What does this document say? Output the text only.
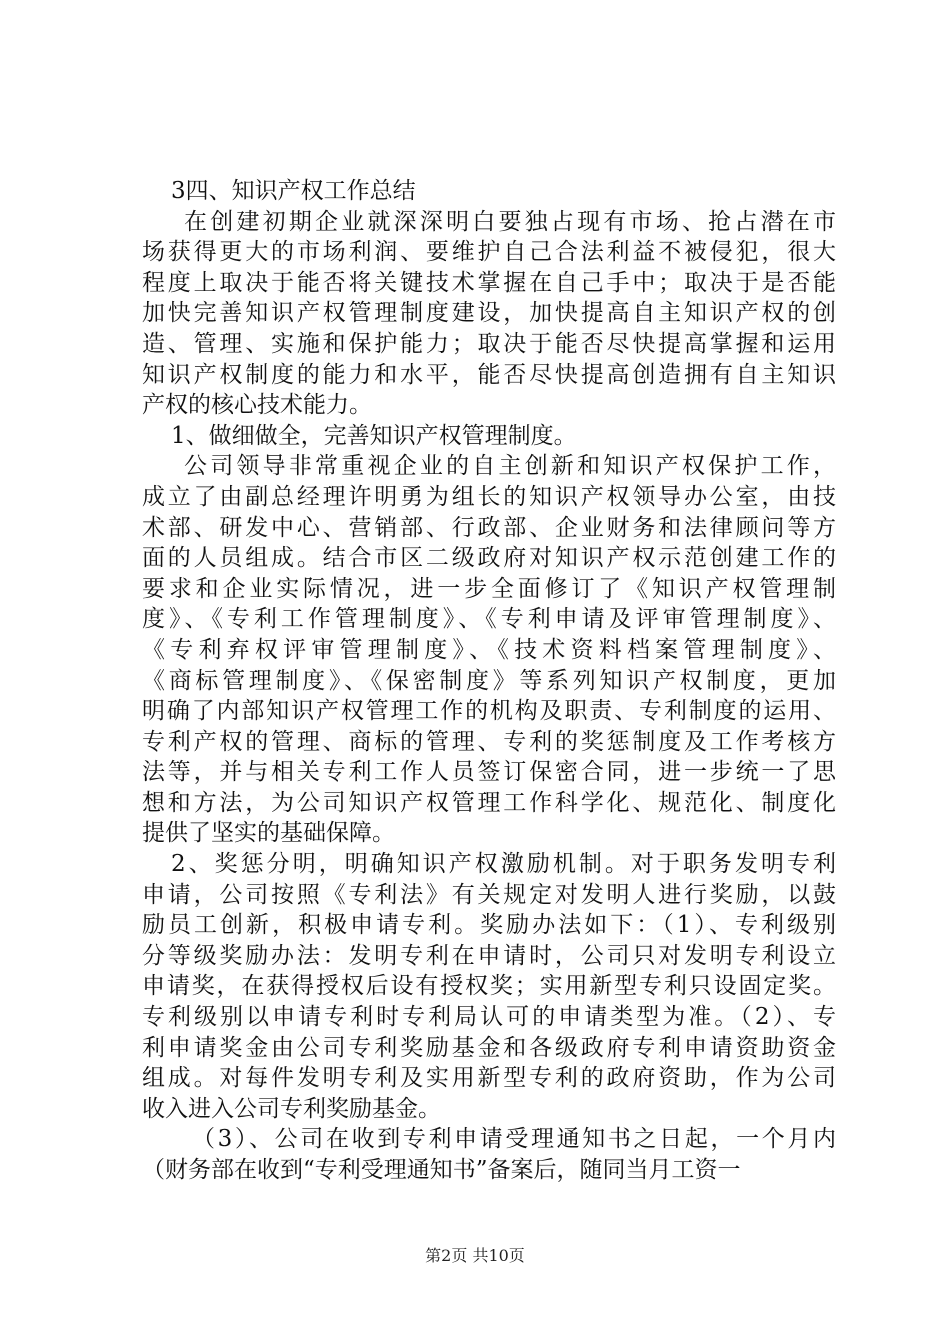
3四、知识产权工作总结
在创建初期企业就深深明白要独占现有市场、抢占潜在市
场获得更大的市场利润、要维护自己合法利益不被侵犯，很大
程度上取决于能否将关键技术掌握在自己手中；取决于是否能
加快完善知识产权管理制度建设，加快提高自主知识产权的创
造、管理、实施和保护能力；取决于能否尽快提高掌握和运用
知识产权制度的能力和水平，能否尽快提高创造拥有自主知识
产权的核心技术能力。
1、做细做全，完善知识产权管理制度。
公司领导非常重视企业的自主创新和知识产权保护工作，
成立了由副总经理许明勇为组长的知识产权领导办公室，由技
术部、研发中心、营销部、行政部、企业财务和法律顾问等方
面的人员组成。结合市区二级政府对知识产权示范创建工作的
要求和企业实际情况，进一步全面修订了《知识产权管理制
度》、《专利工作管理制度》、《专利申请及评审管理制度》、
《专利弃权评审管理制度》、《技术资料档案管理制度》、
《商标管理制度》、《保密制度》等系列知识产权制度，更加
明确了内部知识产权管理工作的机构及职责、专利制度的运用、
专利产权的管理、商标的管理、专利的奖惩制度及工作考核方
法等，并与相关专利工作人员签订保密合同，进一步统一了思
想和方法，为公司知识产权管理工作科学化、规范化、制度化
提供了坚实的基础保障。
2、奖惩分明，明确知识产权激励机制。对于职务发明专利
申请，公司按照《专利法》有关规定对发明人进行奖励，以鼓
励员工创新，积极申请专利。奖励办法如下：（1）、专利级别
分等级奖励办法：发明专利在申请时，公司只对发明专利设立
申请奖，在获得授权后设有授权奖；实用新型专利只设固定奖。
专利级别以申请专利时专利局认可的申请类型为准。（2）、专
利申请奖金由公司专利奖励基金和各级政府专利申请资助资金
组成。对每件发明专利及实用新型专利的政府资助，作为公司
收入进入公司专利奖励基金。
（3）、公司在收到专利申请受理通知书之日起，一个月内
（财务部在收到“专利受理通知书”备案后，随同当月工资一
第2页 共10页
